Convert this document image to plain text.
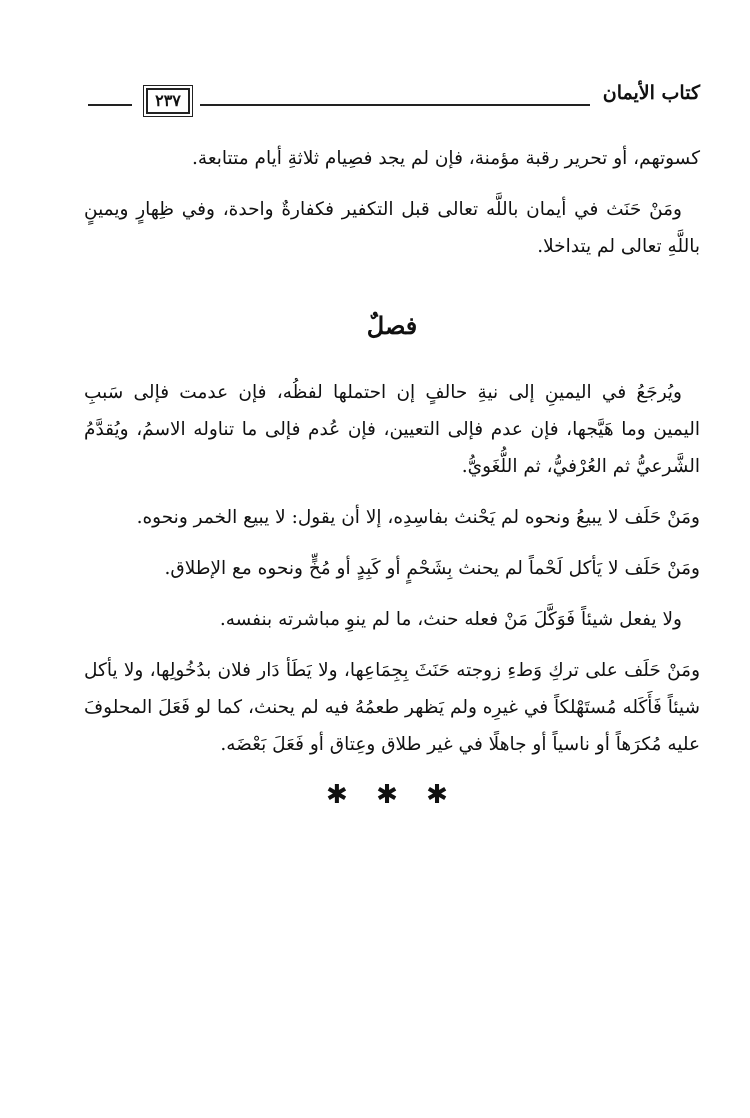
كتاب الأيمان
٢٣٧

كسوتهم، أو تحرير رقبة مؤمنة، فإن لم يجد فصِيام ثلاثةِ أيام متتابعة.

ومَنْ حَنَث في أيمان باللَّه تعالى قبل التكفير فكفارةٌ واحدة، وفي ظِهارٍ ويمينٍ باللَّهِ تعالى لم يتداخلا.

فصلٌ

ويُرجَعُ في اليمينِ إلى نيةِ حالفٍ إن احتملها لفظُه، فإن عدمت فإلى سَببِ اليمين وما هَيَّجها، فإن عدم فإلى التعيين، فإن عُدم فإلى ما تناوله الاسمُ، ويُقدَّمُ الشَّرعيُّ ثم العُرْفيُّ، ثم اللُّغَويُّ.

ومَنْ حَلَف لا يبيعُ ونحوه لم يَحْنث بفاسِدِه، إلا أن يقول: لا يبيع الخمر ونحوه.

ومَنْ حَلَف لا يَأكل لَحْماً لم يحنث بِشَحْمٍ أو كَبِدٍ أو مُخٍّ ونحوه مع الإطلاق.

ولا يفعل شيئاً فَوَكَّلَ مَنْ فعله حنث، ما لم ينوِ مباشرته بنفسه.

ومَنْ حَلَف على تركِ وَطءِ زوجته حَنَثَ بِجِمَاعِها، ولا يَطَأ دَار فلان بدُخُولِها، ولا يأكل شيئاً فَأَكَله مُستَهْلكاً في غيرِه ولم يَظهر طعمُهُ فيه لم يحنث، كما لو فَعَلَ المحلوفَ عليه مُكرَهاً أو ناسياً أو جاهلًا في غير طلاق وعِتاق أو فَعَلَ بَعْضَه.

✱ ✱ ✱
